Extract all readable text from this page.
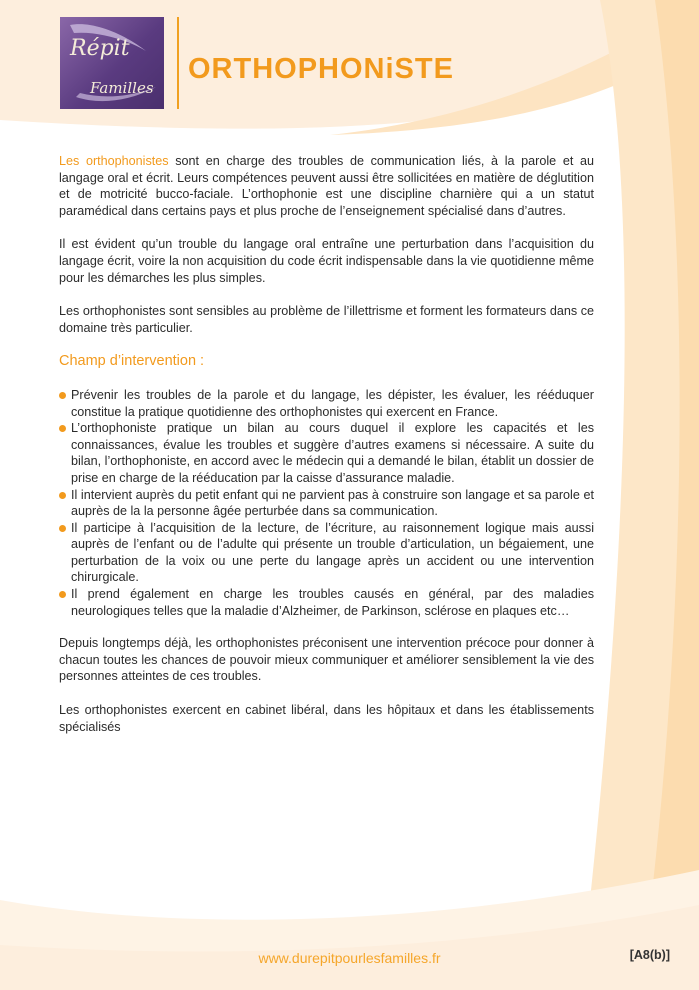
Répit
Familles
ORTHOPHONiSTE

Les orthophonistes sont en charge des troubles de communication liés, à la parole et au langage oral et écrit. Leurs compétences peuvent aussi être sollicitées en matière de déglutition et de motricité bucco-faciale. L’orthophonie est une discipline charnière qui a un statut paramédical dans certains pays et plus proche de l’enseignement spécialisé dans d’autres.

Il est évident qu’un trouble du langage oral entraîne une perturbation dans l’acquisition du langage écrit, voire la non acquisition du code écrit indispensable dans la vie quotidienne même pour les démarches les plus simples.

Les orthophonistes sont sensibles au problème de l’illettrisme et forment les formateurs dans ce domaine très particulier.

Champ d’intervention :
Prévenir les troubles de la parole et du langage, les dépister, les évaluer, les rééduquer constitue la pratique quotidienne des orthophonistes qui exercent en France.
L’orthophoniste pratique un bilan au cours duquel il explore les capacités et les connaissances, évalue les troubles et suggère d’autres examens si nécessaire. A suite du bilan, l’orthophoniste, en accord avec le médecin qui a demandé le bilan, établit un dossier de prise en charge de la rééducation par la caisse d’assurance maladie.
Il intervient auprès du petit enfant qui ne parvient pas à construire son langage et sa parole et auprès de la la personne âgée perturbée dans sa communication.
Il participe à l’acquisition de la lecture, de l’écriture, au raisonnement logique mais aussi auprès de l’enfant ou de l’adulte qui présente un trouble d’articulation, un bégaiement, une perturbation de la voix ou une perte du langage après un accident ou une intervention chirurgicale.
Il prend également en charge les troubles causés en général, par des maladies neurologiques telles que la maladie d’Alzheimer, de Parkinson, sclérose en plaques etc…

Depuis longtemps déjà, les orthophonistes préconisent une intervention précoce pour donner à chacun toutes les chances de pouvoir mieux communiquer et améliorer sensiblement la vie des personnes atteintes de ces troubles.

Les orthophonistes exercent en cabinet libéral, dans les hôpitaux et dans les établissements spécialisés

www.durepitpourlesfamilles.fr	[A8(b)]
